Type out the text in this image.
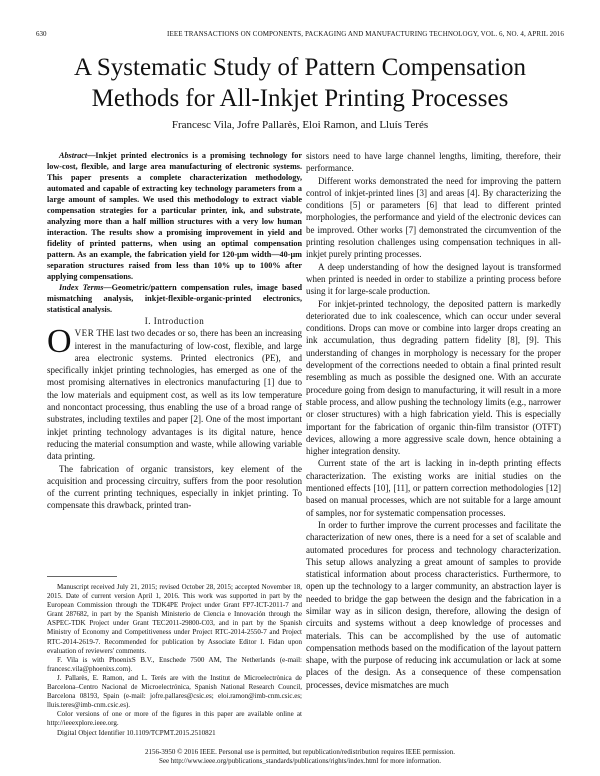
630	IEEE TRANSACTIONS ON COMPONENTS, PACKAGING AND MANUFACTURING TECHNOLOGY, VOL. 6, NO. 4, APRIL 2016
A Systematic Study of Pattern Compensation
Methods for All-Inkjet Printing Processes
Francesc Vila, Jofre Pallarès, Eloi Ramon, and Lluís Terés

Abstract—Inkjet printed electronics is a promising technology for low-cost, flexible, and large area manufacturing of electronic systems. This paper presents a complete characterization methodology, automated and capable of extracting key technology parameters from a large amount of samples. We used this methodology to extract viable compensation strategies for a particular printer, ink, and substrate, analyzing more than a half million structures with a very low human interaction. The results show a promising improvement in yield and fidelity of printed patterns, when using an optimal compensation pattern. As an example, the fabrication yield for 120-µm width—40-µm separation structures raised from less than 10% up to 100% after applying compensations.

Index Terms—Geometric/pattern compensation rules, image based mismatching analysis, inkjet-flexible-organic-printed electronics, statistical analysis.

I. Introduction

OVER THE last two decades or so, there has been an increasing interest in the manufacturing of low-cost, flexible, and large area electronic systems. Printed electronics (PE), and specifically inkjet printing technologies, has emerged as one of the most promising alternatives in electronics manufacturing [1] due to the low materials and equipment cost, as well as its low temperature and noncontact processing, thus enabling the use of a broad range of substrates, including textiles and paper [2]. One of the most important inkjet printing technology advantages is its digital nature, hence reducing the material consumption and waste, while allowing variable data printing.

The fabrication of organic transistors, key element of the acquisition and processing circuitry, suffers from the poor resolution of the current printing techniques, especially in inkjet printing. To compensate this drawback, printed tran-

Manuscript received July 21, 2015; revised October 28, 2015; accepted November 18, 2015. Date of current version April 1, 2016. This work was supported in part by the European Commission through the TDK4PE Project under Grant FP7-ICT-2011-7 and Grant 287682, in part by the Spanish Ministerio de Ciencia e Innovación through the ASPEC-TDK Project under Grant TEC2011-29800-C03, and in part by the Spanish Ministry of Economy and Competitiveness under Project RTC-2014-2550-7 and Project RTC-2014-2619-7. Recommended for publication by Associate Editor I. Fidan upon evaluation of reviewers' comments.

F. Vila is with PhoenixS B.V., Enschede 7500 AM, The Netherlands (e-mail: francesc.vila@phoenixs.com).

J. Pallarès, E. Ramon, and L. Terés are with the Institut de Microelectrònica de Barcelona–Centro Nacional de Microelectrónica, Spanish National Research Council, Barcelona 08193, Spain (e-mail: jofre.pallares@csic.es; eloi.ramon@imb-cnm.csic.es; lluis.teres@imb-cnm.csic.es).

Color versions of one or more of the figures in this paper are available online at http://ieeexplore.ieee.org.

Digital Object Identifier 10.1109/TCPMT.2015.2510821

sistors need to have large channel lengths, limiting, therefore, their performance.

Different works demonstrated the need for improving the pattern control of inkjet-printed lines [3] and areas [4]. By characterizing the conditions [5] or parameters [6] that lead to different printed morphologies, the performance and yield of the electronic devices can be improved. Other works [7] demonstrated the circumvention of the printing resolution challenges using compensation techniques in all-inkjet purely printing processes.

A deep understanding of how the designed layout is transformed when printed is needed in order to stabilize a printing process before using it for large-scale production.

For inkjet-printed technology, the deposited pattern is markedly deteriorated due to ink coalescence, which can occur under several conditions. Drops can move or combine into larger drops creating an ink accumulation, thus degrading pattern fidelity [8], [9]. This understanding of changes in morphology is necessary for the proper development of the corrections needed to obtain a final printed result resembling as much as possible the designed one. With an accurate procedure going from design to manufacturing, it will result in a more stable process, and allow pushing the technology limits (e.g., narrower or closer structures) with a high fabrication yield. This is especially important for the fabrication of organic thin-film transistor (OTFT) devices, allowing a more aggressive scale down, hence obtaining a higher integration density.

Current state of the art is lacking in in-depth printing effects characterization. The existing works are initial studies on the mentioned effects [10], [11], or pattern correction methodologies [12] based on manual processes, which are not suitable for a large amount of samples, nor for systematic compensation processes.

In order to further improve the current processes and facilitate the characterization of new ones, there is a need for a set of scalable and automated procedures for process and technology characterization. This setup allows analyzing a great amount of samples to provide statistical information about process characteristics. Furthermore, to open up the technology to a larger community, an abstraction layer is needed to bridge the gap between the design and the fabrication in a similar way as in silicon design, therefore, allowing the design of circuits and systems without a deep knowledge of processes and materials. This can be accomplished by the use of automatic compensation methods based on the modification of the layout pattern shape, with the purpose of reducing ink accumulation or lack at some places of the design. As a consequence of these compensation processes, device mismatches are much

2156-3950 © 2016 IEEE. Personal use is permitted, but republication/redistribution requires IEEE permission.
See http://www.ieee.org/publications_standards/publications/rights/index.html for more information.
